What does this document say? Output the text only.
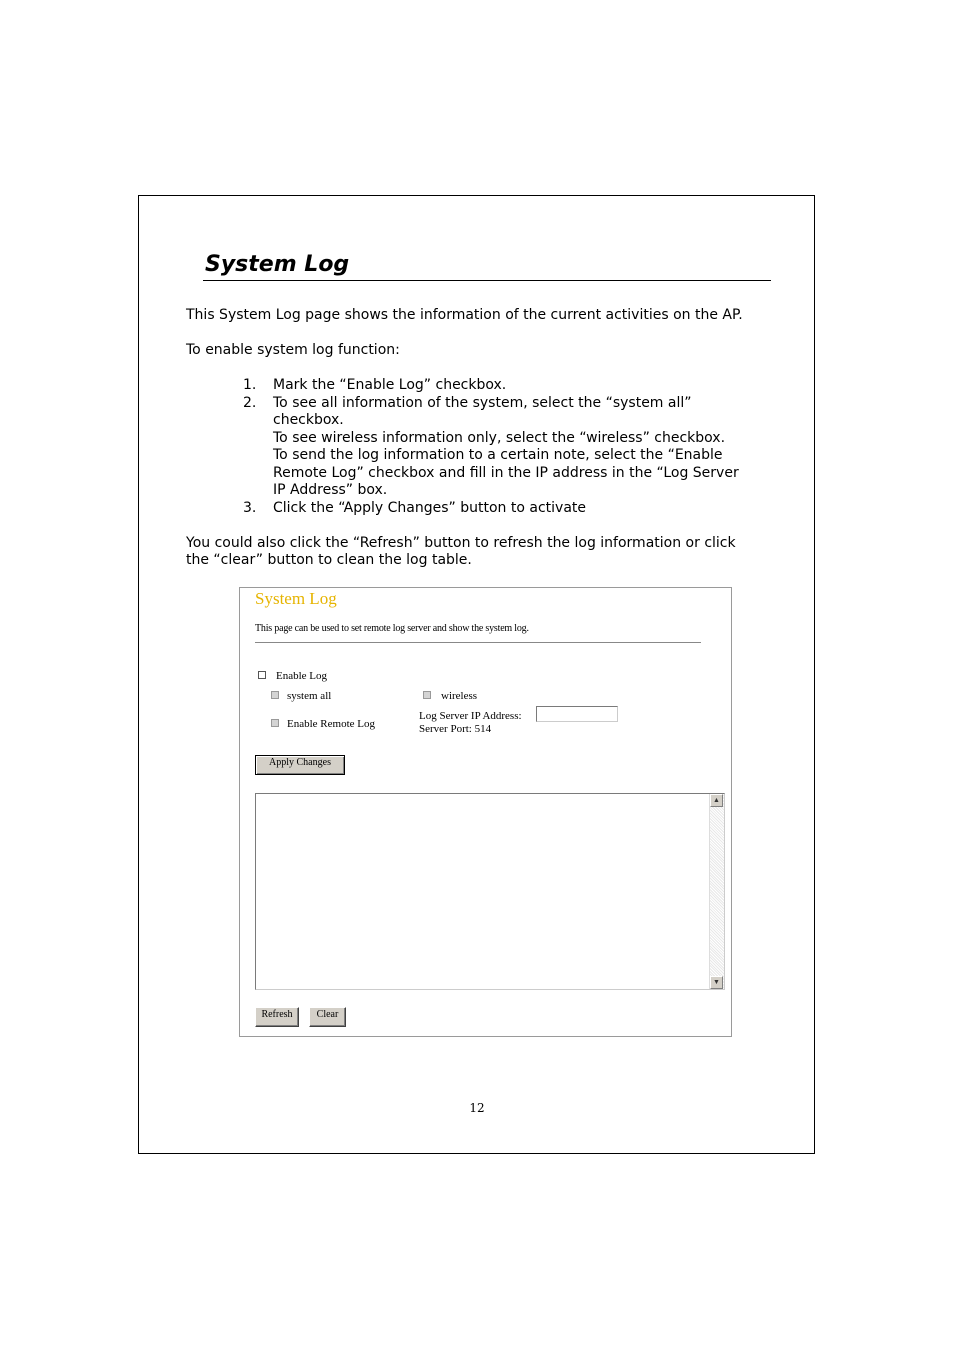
System Log

This System Log page shows the information of the current activities on the AP.

To enable system log function:

1. Mark the “Enable Log” checkbox.
2. To see all information of the system, select the “system all”
checkbox.
To see wireless information only, select the “wireless” checkbox.
To send the log information to a certain note, select the “Enable
Remote Log” checkbox and fill in the IP address in the “Log Server
IP Address” box.
3. Click the “Apply Changes” button to activate

You could also click the “Refresh” button to refresh the log information or click

the “clear” button to clean the log table.

System Log
This page can be used to set remote log server and show the system log.
Enable Log
system all	wireless
Enable Remote Log
Log Server IP Address:
Server Port: 514
Apply Changes
▲
▼
Refresh	Clear
12
